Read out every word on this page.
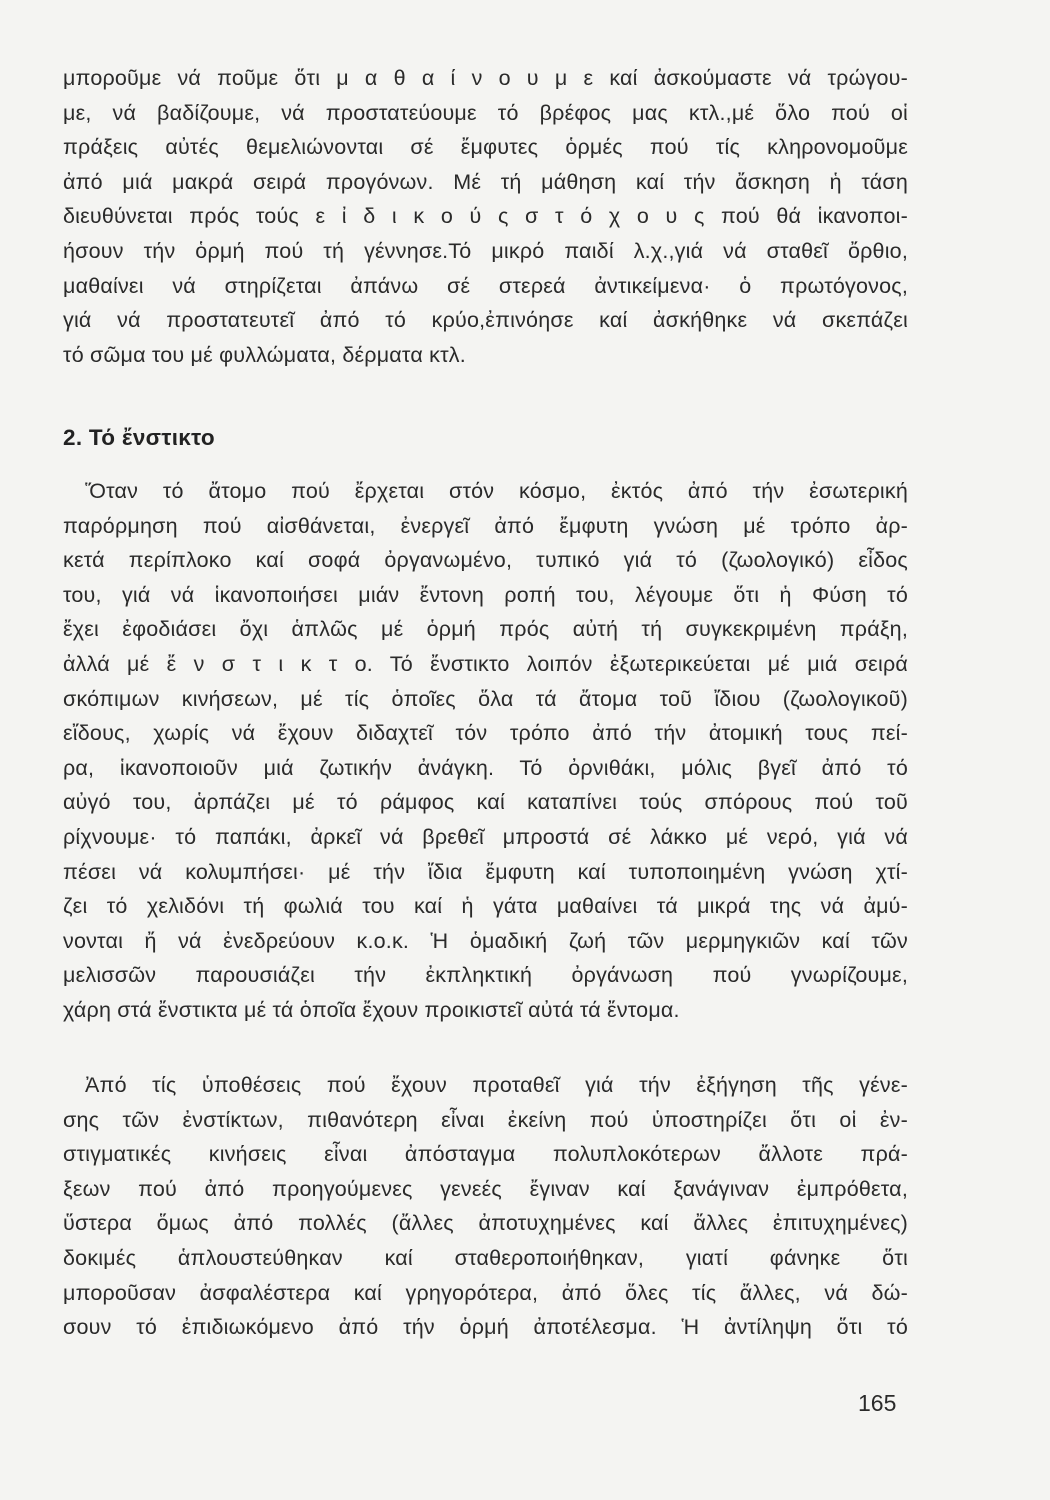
μποροῦμε νά ποῦμε ὅτι μ α θ α ί ν ο υ μ ε καί ἀσκούμαστε νά τρώγου-
με, νά βαδίζουμε, νά προστατεύουμε τό βρέφος μας κτλ.,μέ ὅλο πού οἱ
πράξεις αὐτές θεμελιώνονται σέ ἔμφυτες ὁρμές πού τίς κληρονομοῦμε
ἀπό μιά μακρά σειρά προγόνων. Μέ τή μάθηση καί τήν ἄσκηση ἡ τάση
διευθύνεται πρός τούς ε ἰ δ ι κ ο ύ ς σ τ ό χ ο υ ς πού θά ἱκανοποι-
ήσουν τήν ὁρμή πού τή γέννησε.Τό μικρό παιδί λ.χ.,γιά νά σταθεῖ ὄρθιο,
μαθαίνει νά στηρίζεται ἀπάνω σέ στερεά ἀντικείμενα· ὁ πρωτόγονος,
γιά νά προστατευτεῖ ἀπό τό κρύο,ἐπινόησε καί ἀσκήθηκε νά σκεπάζει
τό σῶμα του μέ φυλλώματα, δέρματα κτλ.
2. Τό ἔνστικτο
Ὅταν τό ἄτομο πού ἔρχεται στόν κόσμο, ἐκτός ἀπό τήν ἐσωτερική
παρόρμηση πού αἰσθάνεται, ἐνεργεῖ ἀπό ἔμφυτη γνώση μέ τρόπο ἀρ-
κετά περίπλοκο καί σοφά ὀργανωμένο, τυπικό γιά τό (ζωολογικό) εἶδος
του, γιά νά ἱκανοποιήσει μιάν ἔντονη ροπή του, λέγουμε ὅτι ἡ Φύση τό
ἔχει ἐφοδιάσει ὄχι ἁπλῶς μέ ὁρμή πρός αὐτή τή συγκεκριμένη πράξη,
ἀλλά μέ ἔ ν σ τ ι κ τ ο. Τό ἔνστικτο λοιπόν ἐξωτερικεύεται μέ μιά σειρά
σκόπιμων κινήσεων, μέ τίς ὁποῖες ὅλα τά ἄτομα τοῦ ἴδιου (ζωολογικοῦ)
εἴδους, χωρίς νά ἔχουν διδαχτεῖ τόν τρόπο ἀπό τήν ἀτομική τους πεί-
ρα, ἱκανοποιοῦν μιά ζωτικήν ἀνάγκη. Τό ὀρνιθάκι, μόλις βγεῖ ἀπό τό
αὐγό του, ἁρπάζει μέ τό ράμφος καί καταπίνει τούς σπόρους πού τοῦ
ρίχνουμε· τό παπάκι, ἀρκεῖ νά βρεθεῖ μπροστά σέ λάκκο μέ νερό, γιά νά
πέσει νά κολυμπήσει· μέ τήν ἴδια ἔμφυτη καί τυποποιημένη γνώση χτί-
ζει τό χελιδόνι τή φωλιά του καί ἡ γάτα μαθαίνει τά μικρά της νά ἀμύ-
νονται ἤ νά ἐνεδρεύουν κ.ο.κ. Ἡ ὁμαδική ζωή τῶν μερμηγκιῶν καί τῶν
μελισσῶν παρουσιάζει τήν ἐκπληκτική ὀργάνωση πού γνωρίζουμε,
χάρη στά ἔνστικτα μέ τά ὁποῖα ἔχουν προικιστεῖ αὐτά τά ἔντομα.
Ἀπό τίς ὑποθέσεις πού ἔχουν προταθεῖ γιά τήν ἐξήγηση τῆς γένε-
σης τῶν ἐνστίκτων, πιθανότερη εἶναι ἐκείνη πού ὑποστηρίζει ὅτι οἱ ἐν-
στιγματικές κινήσεις εἶναι ἀπόσταγμα πολυπλοκότερων ἄλλοτε πρά-
ξεων πού ἀπό προηγούμενες γενεές ἔγιναν καί ξανάγιναν ἐμπρόθετα,
ὕστερα ὅμως ἀπό πολλές (ἄλλες ἀποτυχημένες καί ἄλλες ἐπιτυχημένες)
δοκιμές ἁπλουστεύθηκαν καί σταθεροποιήθηκαν, γιατί φάνηκε ὅτι
μποροῦσαν ἀσφαλέστερα καί γρηγορότερα, ἀπό ὅλες τίς ἄλλες, νά δώ-
σουν τό ἐπιδιωκόμενο ἀπό τήν ὁρμή ἀποτέλεσμα. Ἡ ἀντίληψη ὅτι τό
165
